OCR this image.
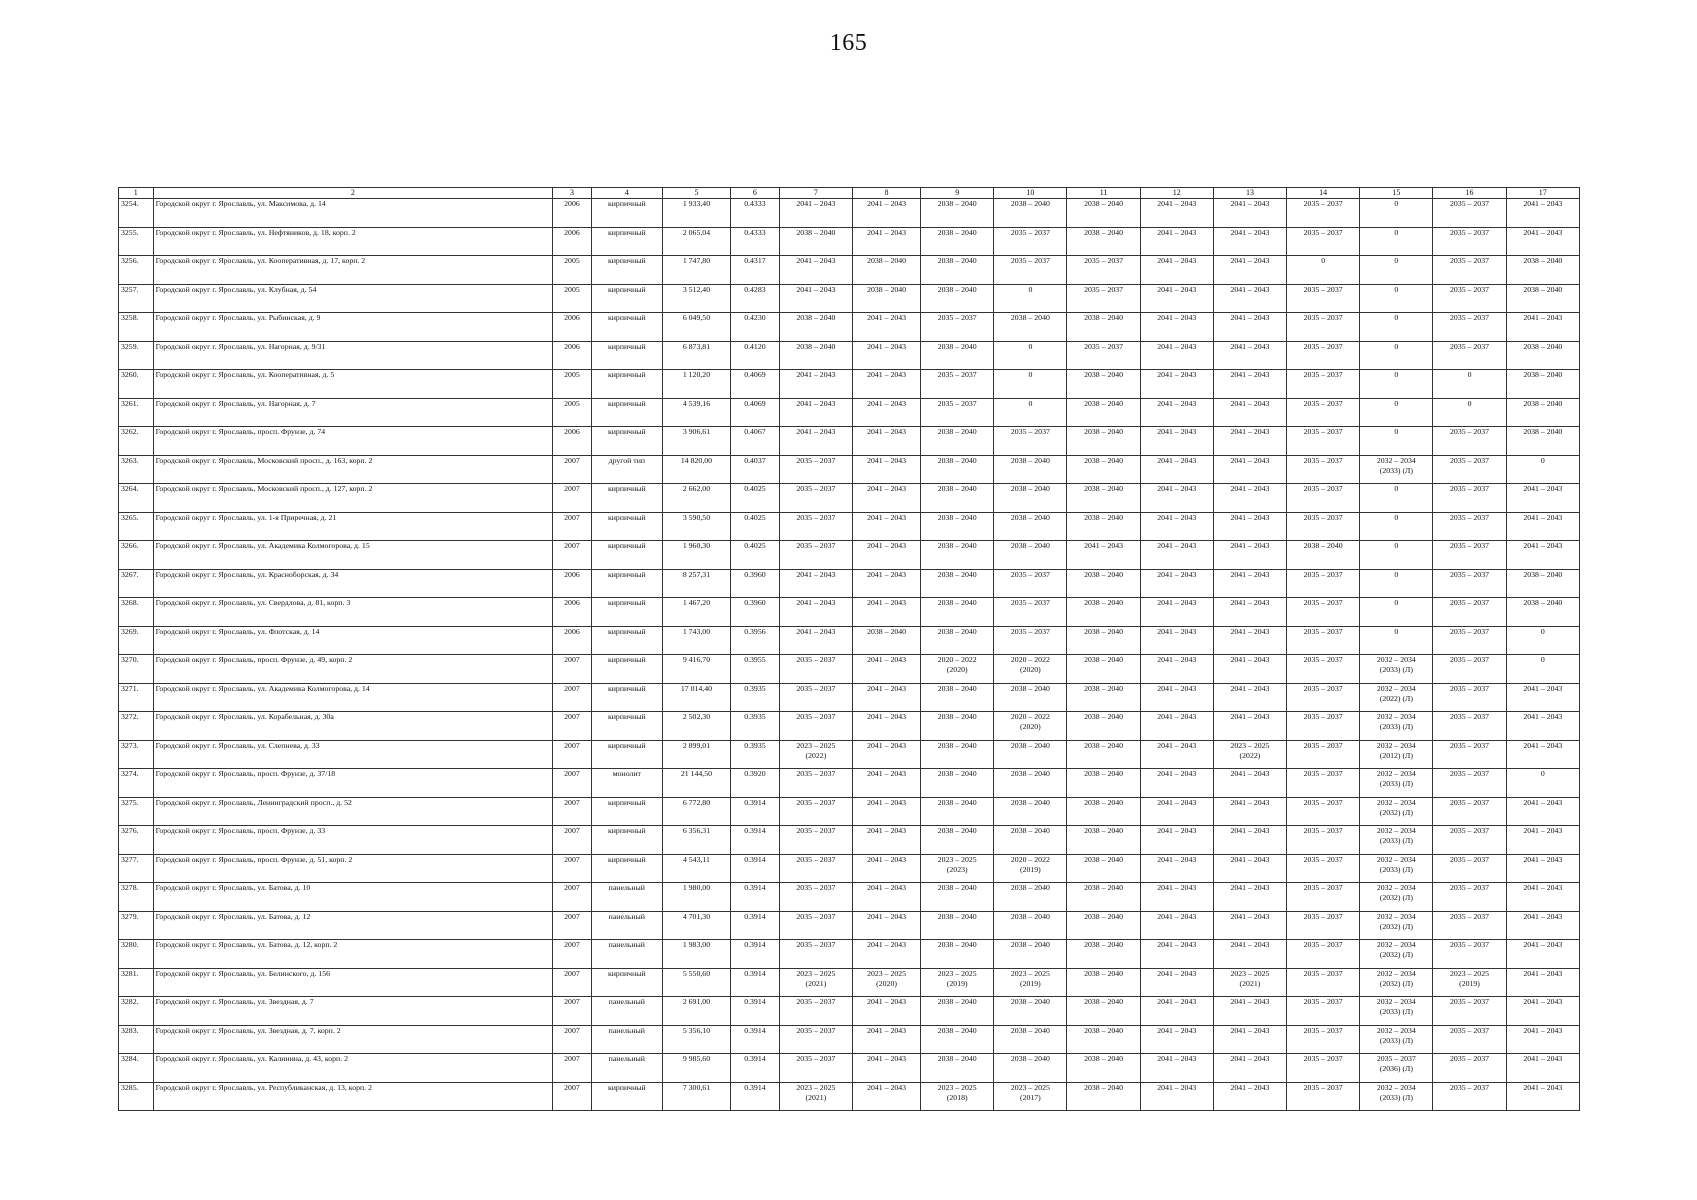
165
1	2	3	4	5	6	7	8	9	10	11	12	13	14	15	16	17

3254.	Городской округ г. Ярославль, ул. Максимова, д. 14	2006	кирпичный	1 933,40	0.4333	2041 – 2043	2041 – 2043	2038 – 2040	2038 – 2040	2038 – 2040	2041 – 2043	2041 – 2043	2035 – 2037	0	2035 – 2037	2041 – 2043

3255.	Городской округ г. Ярославль, ул. Нефтяников, д. 18, корп. 2	2006	кирпичный	2 065,04	0.4333	2038 – 2040	2041 – 2043	2038 – 2040	2035 – 2037	2038 – 2040	2041 – 2043	2041 – 2043	2035 – 2037	0	2035 – 2037	2041 – 2043

3256.	Городской округ г. Ярославль, ул. Кооперативная, д. 17, корп. 2	2005	кирпичный	1 747,80	0.4317	2041 – 2043	2038 – 2040	2038 – 2040	2035 – 2037	2035 – 2037	2041 – 2043	2041 – 2043	0	0	2035 – 2037	2038 – 2040

3257.	Городской округ г. Ярославль, ул. Клубная, д. 54	2005	кирпичный	3 512,40	0.4283	2041 – 2043	2038 – 2040	2038 – 2040	0	2035 – 2037	2041 – 2043	2041 – 2043	2035 – 2037	0	2035 – 2037	2038 – 2040

3258.	Городской округ г. Ярославль, ул. Рыбинская, д. 9	2006	кирпичный	6 049,50	0.4230	2038 – 2040	2041 – 2043	2035 – 2037	2038 – 2040	2038 – 2040	2041 – 2043	2041 – 2043	2035 – 2037	0	2035 – 2037	2041 – 2043

3259.	Городской округ г. Ярославль, ул. Нагорная, д. 9/31	2006	кирпичный	6 873,81	0.4120	2038 – 2040	2041 – 2043	2038 – 2040	0	2035 – 2037	2041 – 2043	2041 – 2043	2035 – 2037	0	2035 – 2037	2038 – 2040

3260.	Городской округ г. Ярославль, ул. Кооперативная, д. 5	2005	кирпичный	1 120,20	0.4069	2041 – 2043	2041 – 2043	2035 – 2037	0	2038 – 2040	2041 – 2043	2041 – 2043	2035 – 2037	0	0	2038 – 2040

3261.	Городской округ г. Ярославль, ул. Нагорная, д. 7	2005	кирпичный	4 539,16	0.4069	2041 – 2043	2041 – 2043	2035 – 2037	0	2038 – 2040	2041 – 2043	2041 – 2043	2035 – 2037	0	0	2038 – 2040

3262.	Городской округ г. Ярославль, просп. Фрунзе, д. 74	2006	кирпичный	3 906,61	0.4067	2041 – 2043	2041 – 2043	2038 – 2040	2035 – 2037	2038 – 2040	2041 – 2043	2041 – 2043	2035 – 2037	0	2035 – 2037	2038 – 2040

3263.	Городской округ г. Ярославль, Московский просп., д. 163, корп. 2	2007	другой тип	14 820,00	0.4037	2035 – 2037	2041 – 2043	2038 – 2040	2038 – 2040	2038 – 2040	2041 – 2043	2041 – 2043	2035 – 2037	2032 – 2034
(2033) (Л)	2035 – 2037	0

3264.	Городской округ г. Ярославль, Московский просп., д. 127, корп. 2	2007	кирпичный	2 662,00	0.4025	2035 – 2037	2041 – 2043	2038 – 2040	2038 – 2040	2038 – 2040	2041 – 2043	2041 – 2043	2035 – 2037	0	2035 – 2037	2041 – 2043

3265.	Городской округ г. Ярославль, ул. 1-я Приречная, д. 21	2007	кирпичный	3 590,50	0.4025	2035 – 2037	2041 – 2043	2038 – 2040	2038 – 2040	2038 – 2040	2041 – 2043	2041 – 2043	2035 – 2037	0	2035 – 2037	2041 – 2043

3266.	Городской округ г. Ярославль, ул. Академика Колмогорова, д. 15	2007	кирпичный	1 960,30	0.4025	2035 – 2037	2041 – 2043	2038 – 2040	2038 – 2040	2041 – 2043	2041 – 2043	2041 – 2043	2038 – 2040	0	2035 – 2037	2041 – 2043

3267.	Городской округ г. Ярославль, ул. Красноборская, д. 34	2006	кирпичный	8 257,31	0.3960	2041 – 2043	2041 – 2043	2038 – 2040	2035 – 2037	2038 – 2040	2041 – 2043	2041 – 2043	2035 – 2037	0	2035 – 2037	2038 – 2040

3268.	Городской округ г. Ярославль, ул. Свердлова, д. 81, корп. 3	2006	кирпичный	1 467,20	0.3960	2041 – 2043	2041 – 2043	2038 – 2040	2035 – 2037	2038 – 2040	2041 – 2043	2041 – 2043	2035 – 2037	0	2035 – 2037	2038 – 2040

3269.	Городской округ г. Ярославль, ул. Флотская, д. 14	2006	кирпичный	1 743,00	0.3956	2041 – 2043	2038 – 2040	2038 – 2040	2035 – 2037	2038 – 2040	2041 – 2043	2041 – 2043	2035 – 2037	0	2035 – 2037	0

3270.	Городской округ г. Ярославль, просп. Фрунзе, д. 49, корп. 2	2007	кирпичный	9 416,70	0.3955	2035 – 2037	2041 – 2043	2020 – 2022
(2020)	2020 – 2022
(2020)	2038 – 2040	2041 – 2043	2041 – 2043	2035 – 2037	2032 – 2034
(2033) (Л)	2035 – 2037	0

3271.	Городской округ г. Ярославль, ул. Академика Колмогорова, д. 14	2007	кирпичный	17 014,40	0.3935	2035 – 2037	2041 – 2043	2038 – 2040	2038 – 2040	2038 – 2040	2041 – 2043	2041 – 2043	2035 – 2037	2032 – 2034
(2022) (Л)	2035 – 2037	2041 – 2043

3272.	Городской округ г. Ярославль, ул. Корабельная, д. 30а	2007	кирпичный	2 502,30	0.3935	2035 – 2037	2041 – 2043	2038 – 2040	2020 – 2022
(2020)	2038 – 2040	2041 – 2043	2041 – 2043	2035 – 2037	2032 – 2034
(2033) (Л)	2035 – 2037	2041 – 2043

3273.	Городской округ г. Ярославль, ул. Слепнева, д. 33	2007	кирпичный	2 899,01	0.3935	2023 – 2025
(2022)	2041 – 2043	2038 – 2040	2038 – 2040	2038 – 2040	2041 – 2043	2023 – 2025
(2022)	2035 – 2037	2032 – 2034
(2012) (Л)	2035 – 2037	2041 – 2043

3274.	Городской округ г. Ярославль, просп. Фрунзе, д. 37/18	2007	монолит	21 144,50	0.3920	2035 – 2037	2041 – 2043	2038 – 2040	2038 – 2040	2038 – 2040	2041 – 2043	2041 – 2043	2035 – 2037	2032 – 2034
(2033) (Л)	2035 – 2037	0

3275.	Городской округ г. Ярославль, Ленинградский просп., д. 52	2007	кирпичный	6 772,80	0.3914	2035 – 2037	2041 – 2043	2038 – 2040	2038 – 2040	2038 – 2040	2041 – 2043	2041 – 2043	2035 – 2037	2032 – 2034
(2032) (Л)	2035 – 2037	2041 – 2043

3276.	Городской округ г. Ярославль, просп. Фрунзе, д. 33	2007	кирпичный	6 356,31	0.3914	2035 – 2037	2041 – 2043	2038 – 2040	2038 – 2040	2038 – 2040	2041 – 2043	2041 – 2043	2035 – 2037	2032 – 2034
(2033) (Л)	2035 – 2037	2041 – 2043

3277.	Городской округ г. Ярославль, просп. Фрунзе, д. 51, корп. 2	2007	кирпичный	4 543,11	0.3914	2035 – 2037	2041 – 2043	2023 – 2025
(2023)	2020 – 2022
(2019)	2038 – 2040	2041 – 2043	2041 – 2043	2035 – 2037	2032 – 2034
(2033) (Л)	2035 – 2037	2041 – 2043

3278.	Городской округ г. Ярославль, ул. Батова, д. 10	2007	панельный	1 980,00	0.3914	2035 – 2037	2041 – 2043	2038 – 2040	2038 – 2040	2038 – 2040	2041 – 2043	2041 – 2043	2035 – 2037	2032 – 2034
(2032) (Л)	2035 – 2037	2041 – 2043

3279.	Городской округ г. Ярославль, ул. Батова, д. 12	2007	панельный	4 701,30	0.3914	2035 – 2037	2041 – 2043	2038 – 2040	2038 – 2040	2038 – 2040	2041 – 2043	2041 – 2043	2035 – 2037	2032 – 2034
(2032) (Л)	2035 – 2037	2041 – 2043

3280.	Городской округ г. Ярославль, ул. Батова, д. 12, корп. 2	2007	панельный	1 983,00	0.3914	2035 – 2037	2041 – 2043	2038 – 2040	2038 – 2040	2038 – 2040	2041 – 2043	2041 – 2043	2035 – 2037	2032 – 2034
(2032) (Л)	2035 – 2037	2041 – 2043

3281.	Городской округ г. Ярославль, ул. Белинского, д. 156	2007	кирпичный	5 550,60	0.3914	2023 – 2025
(2021)	2023 – 2025
(2020)	2023 – 2025
(2019)	2023 – 2025
(2019)	2038 – 2040	2041 – 2043	2023 – 2025
(2021)	2035 – 2037	2032 – 2034
(2032) (Л)	2023 – 2025
(2019)	2041 – 2043

3282.	Городской округ г. Ярославль, ул. Звездная, д. 7	2007	панельный	2 691,00	0.3914	2035 – 2037	2041 – 2043	2038 – 2040	2038 – 2040	2038 – 2040	2041 – 2043	2041 – 2043	2035 – 2037	2032 – 2034
(2033) (Л)	2035 – 2037	2041 – 2043

3283.	Городской округ г. Ярославль, ул. Звездная, д. 7, корп. 2	2007	панельный	5 356,10	0.3914	2035 – 2037	2041 – 2043	2038 – 2040	2038 – 2040	2038 – 2040	2041 – 2043	2041 – 2043	2035 – 2037	2032 – 2034
(2033) (Л)	2035 – 2037	2041 – 2043

3284.	Городской округ г. Ярославль, ул. Калинина, д. 43, корп. 2	2007	панельный	9 985,60	0.3914	2035 – 2037	2041 – 2043	2038 – 2040	2038 – 2040	2038 – 2040	2041 – 2043	2041 – 2043	2035 – 2037	2035 – 2037
(2036) (Л)	2035 – 2037	2041 – 2043

3285.	Городской округ г. Ярославль, ул. Республиканская, д. 13, корп. 2	2007	кирпичный	7 300,61	0.3914	2023 – 2025
(2021)	2041 – 2043	2023 – 2025
(2018)	2023 – 2025
(2017)	2038 – 2040	2041 – 2043	2041 – 2043	2035 – 2037	2032 – 2034
(2033) (Л)	2035 – 2037	2041 – 2043
